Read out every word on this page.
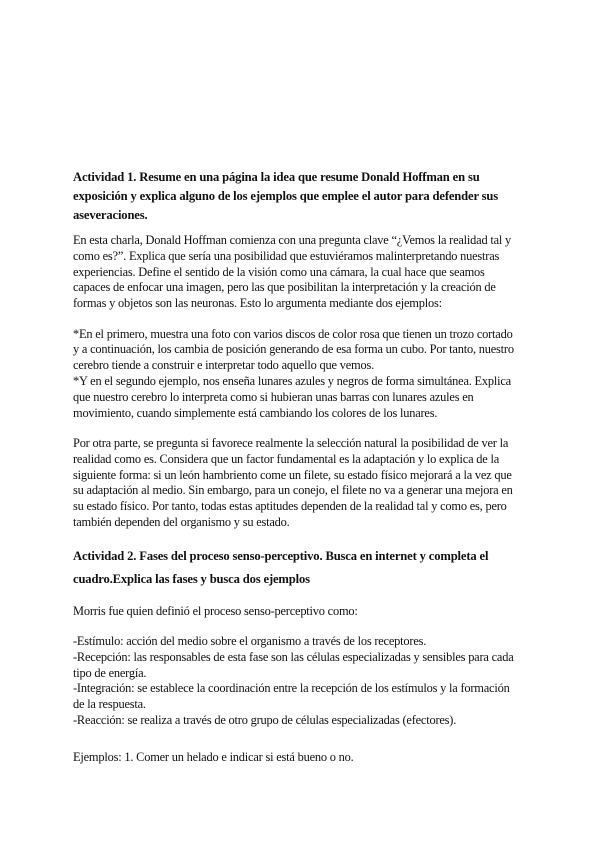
Actividad 1. Resume en una página la idea que resume Donald Hoffman en su
exposición y explica alguno de los ejemplos que emplee el autor para defender sus
aseveraciones.
En esta charla, Donald Hoffman comienza con una pregunta clave “¿Vemos la realidad tal y
como es?”. Explica que sería una posibilidad que estuviéramos malinterpretando nuestras
experiencias. Define el sentido de la visión como una cámara, la cual hace que seamos
capaces de enfocar una imagen, pero las que posibilitan la interpretación y la creación de
formas y objetos son las neuronas. Esto lo argumenta mediante dos ejemplos:
*En el primero, muestra una foto con varios discos de color rosa que tienen un trozo cortado
y a continuación, los cambia de posición generando de esa forma un cubo. Por tanto, nuestro
cerebro tiende a construir e interpretar todo aquello que vemos.
*Y en el segundo ejemplo, nos enseña lunares azules y negros de forma simultánea. Explica
que nuestro cerebro lo interpreta como si hubieran unas barras con lunares azules en
movimiento, cuando simplemente está cambiando los colores de los lunares.
Por otra parte, se pregunta si favorece realmente la selección natural la posibilidad de ver la
realidad como es. Considera que un factor fundamental es la adaptación y lo explica de la
siguiente forma: si un león hambriento come un filete, su estado físico mejorará a la vez que
su adaptación al medio. Sin embargo, para un conejo, el filete no va a generar una mejora en
su estado físico. Por tanto, todas estas aptitudes dependen de la realidad tal y como es, pero
también dependen del organismo y su estado.
Actividad 2. Fases del proceso senso-perceptivo. Busca en internet y completa el
cuadro.Explica las fases y busca dos ejemplos
Morris fue quien definió el proceso senso-perceptivo como:
-Estímulo: acción del medio sobre el organismo a través de los receptores.
-Recepción: las responsables de esta fase son las células especializadas y sensibles para cada
tipo de energía.
-Integración: se establece la coordinación entre la recepción de los estímulos y la formación
de la respuesta.
-Reacción: se realiza a través de otro grupo de células especializadas (efectores).
Ejemplos: 1. Comer un helado e indicar si está bueno o no.
